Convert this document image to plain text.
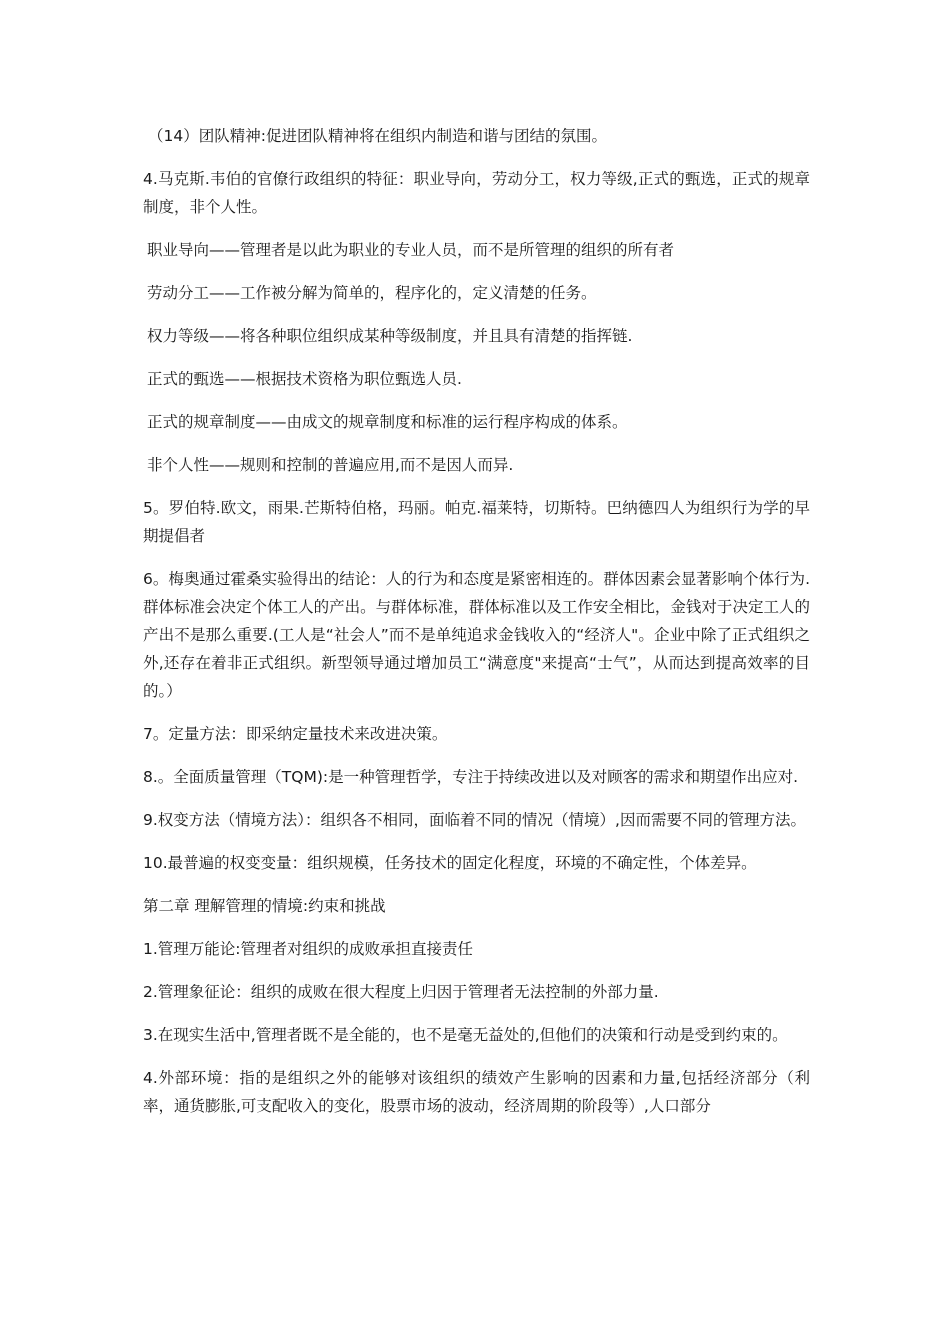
（14）团队精神:促进团队精神将在组织内制造和谐与团结的氛围。

4.马克斯.韦伯的官僚行政组织的特征：职业导向，劳动分工，权力等级,正式的甄选，正式的规章制度，非个人性。

职业导向——管理者是以此为职业的专业人员，而不是所管理的组织的所有者

劳动分工——工作被分解为简单的，程序化的，定义清楚的任务。

权力等级——将各种职位组织成某种等级制度，并且具有清楚的指挥链.

正式的甄选——根据技术资格为职位甄选人员.

正式的规章制度——由成文的规章制度和标准的运行程序构成的体系。

非个人性——规则和控制的普遍应用,而不是因人而异.

5。罗伯特.欧文，雨果.芒斯特伯格，玛丽。帕克.福莱特，切斯特。巴纳德四人为组织行为学的早期提倡者

6。梅奥通过霍桑实验得出的结论：人的行为和态度是紧密相连的。群体因素会显著影响个体行为.群体标准会决定个体工人的产出。与群体标准，群体标准以及工作安全相比，金钱对于决定工人的产出不是那么重要.(工人是“社会人”而不是单纯追求金钱收入的“经济人"。企业中除了正式组织之外,还存在着非正式组织。新型领导通过增加员工“满意度"来提高“士气”，从而达到提高效率的目的。）

7。定量方法：即采纳定量技术来改进决策。

8.。全面质量管理（TQM):是一种管理哲学，专注于持续改进以及对顾客的需求和期望作出应对.

9.权变方法（情境方法）：组织各不相同，面临着不同的情况（情境）,因而需要不同的管理方法。

10.最普遍的权变变量：组织规模，任务技术的固定化程度，环境的不确定性，个体差异。

第二章 理解管理的情境:约束和挑战

1.管理万能论:管理者对组织的成败承担直接责任

2.管理象征论：组织的成败在很大程度上归因于管理者无法控制的外部力量.

3.在现实生活中,管理者既不是全能的，也不是毫无益处的,但他们的决策和行动是受到约束的。

4.外部环境：指的是组织之外的能够对该组织的绩效产生影响的因素和力量,包括经济部分（利率，通货膨胀,可支配收入的变化，股票市场的波动，经济周期的阶段等）,人口部分
